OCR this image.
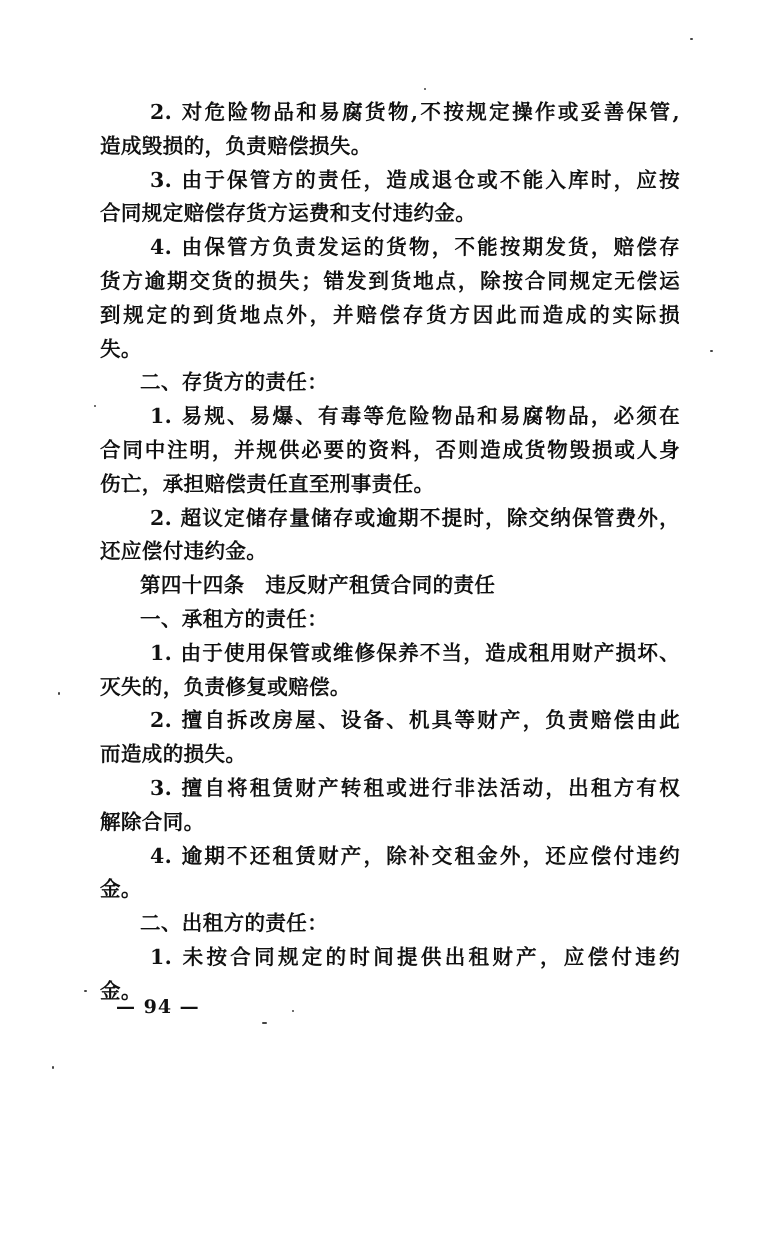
2. 对危险物品和易腐货物,不按规定操作或妥善保管,
造成毁损的，负责赔偿损失。
3. 由于保管方的责任，造成退仓或不能入库时，应按
合同规定赔偿存货方运费和支付违约金。
4. 由保管方负责发运的货物，不能按期发货，赔偿存
货方逾期交货的损失；错发到货地点，除按合同规定无偿运
到规定的到货地点外，并赔偿存货方因此而造成的实际损
失。
二、存货方的责任：
1. 易规、易爆、有毒等危险物品和易腐物品，必须在
合同中注明，并规供必要的资料，否则造成货物毁损或人身
伤亡，承担赔偿责任直至刑事责任。
2. 超议定储存量储存或逾期不提时，除交纳保管费外，
还应偿付违约金。
第四十四条　违反财产租赁合同的责任
一、承租方的责任：
1. 由于使用保管或维修保养不当，造成租用财产损坏、
灭失的，负责修复或赔偿。
2. 擅自拆改房屋、设备、机具等财产，负责赔偿由此
而造成的损失。
3. 擅自将租赁财产转租或进行非法活动，出租方有权
解除合同。
4. 逾期不还租赁财产，除补交租金外，还应偿付违约
金。
二、出租方的责任：
1. 未按合同规定的时间提供出租财产，应偿付违约
金。
— 94 —
